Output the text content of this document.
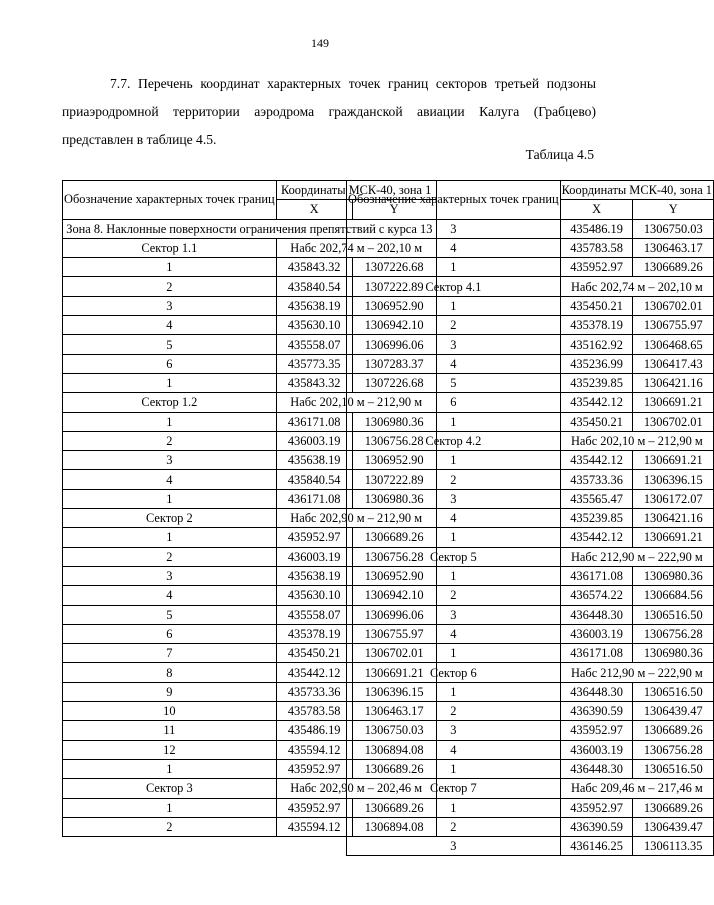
149
7.7. Перечень координат характерных точек границ секторов третьей подзоны
приаэродромной территории аэродрома гражданской авиации Калуга (Грабцево)
представлен в таблице 4.5.
Таблица 4.5
Обозначение характерных точек границ	Координаты МСК-40, зона 1	
	X	Y
Зона 8. Наклонные поверхности ограничения препятствий с курса 13		
Сектор 1.1	Набс 202,74 м – 202,10 м	
1	435843.32	1307226.68
2	435840.54	1307222.89
3	435638.19	1306952.90
4	435630.10	1306942.10
5	435558.07	1306996.06
6	435773.35	1307283.37
1	435843.32	1307226.68
Сектор 1.2	Набс 202,10 м – 212,90 м	
1	436171.08	1306980.36
2	436003.19	1306756.28
3	435638.19	1306952.90
4	435840.54	1307222.89
1	436171.08	1306980.36
Сектор 2	Набс 202,90 м – 212,90 м	
1	435952.97	1306689.26
2	436003.19	1306756.28
3	435638.19	1306952.90
4	435630.10	1306942.10
5	435558.07	1306996.06
6	435378.19	1306755.97
7	435450.21	1306702.01
8	435442.12	1306691.21
9	435733.36	1306396.15
10	435783.58	1306463.17
11	435486.19	1306750.03
12	435594.12	1306894.08
1	435952.97	1306689.26
Сектор 3	Набс 202,90 м – 202,46 м	
1	435952.97	1306689.26
2	435594.12	1306894.08
Обозначение характерных точек границ	Координаты МСК-40, зона 1	
	X	Y
3	435486.19	1306750.03
4	435783.58	1306463.17
1	435952.97	1306689.26
Сектор 4.1	Набс 202,74 м – 202,10 м	
1	435450.21	1306702.01
2	435378.19	1306755.97
3	435162.92	1306468.65
4	435236.99	1306417.43
5	435239.85	1306421.16
6	435442.12	1306691.21
1	435450.21	1306702.01
Сектор 4.2	Набс 202,10 м – 212,90 м	
1	435442.12	1306691.21
2	435733.36	1306396.15
3	435565.47	1306172.07
4	435239.85	1306421.16
1	435442.12	1306691.21
Сектор 5	Набс 212,90 м – 222,90 м	
1	436171.08	1306980.36
2	436574.22	1306684.56
3	436448.30	1306516.50
4	436003.19	1306756.28
1	436171.08	1306980.36
Сектор 6	Набс 212,90 м – 222,90 м	
1	436448.30	1306516.50
2	436390.59	1306439.47
3	435952.97	1306689.26
4	436003.19	1306756.28
1	436448.30	1306516.50
Сектор 7	Набс 209,46 м – 217,46 м	
1	435952.97	1306689.26
2	436390.59	1306439.47
3	436146.25	1306113.35
